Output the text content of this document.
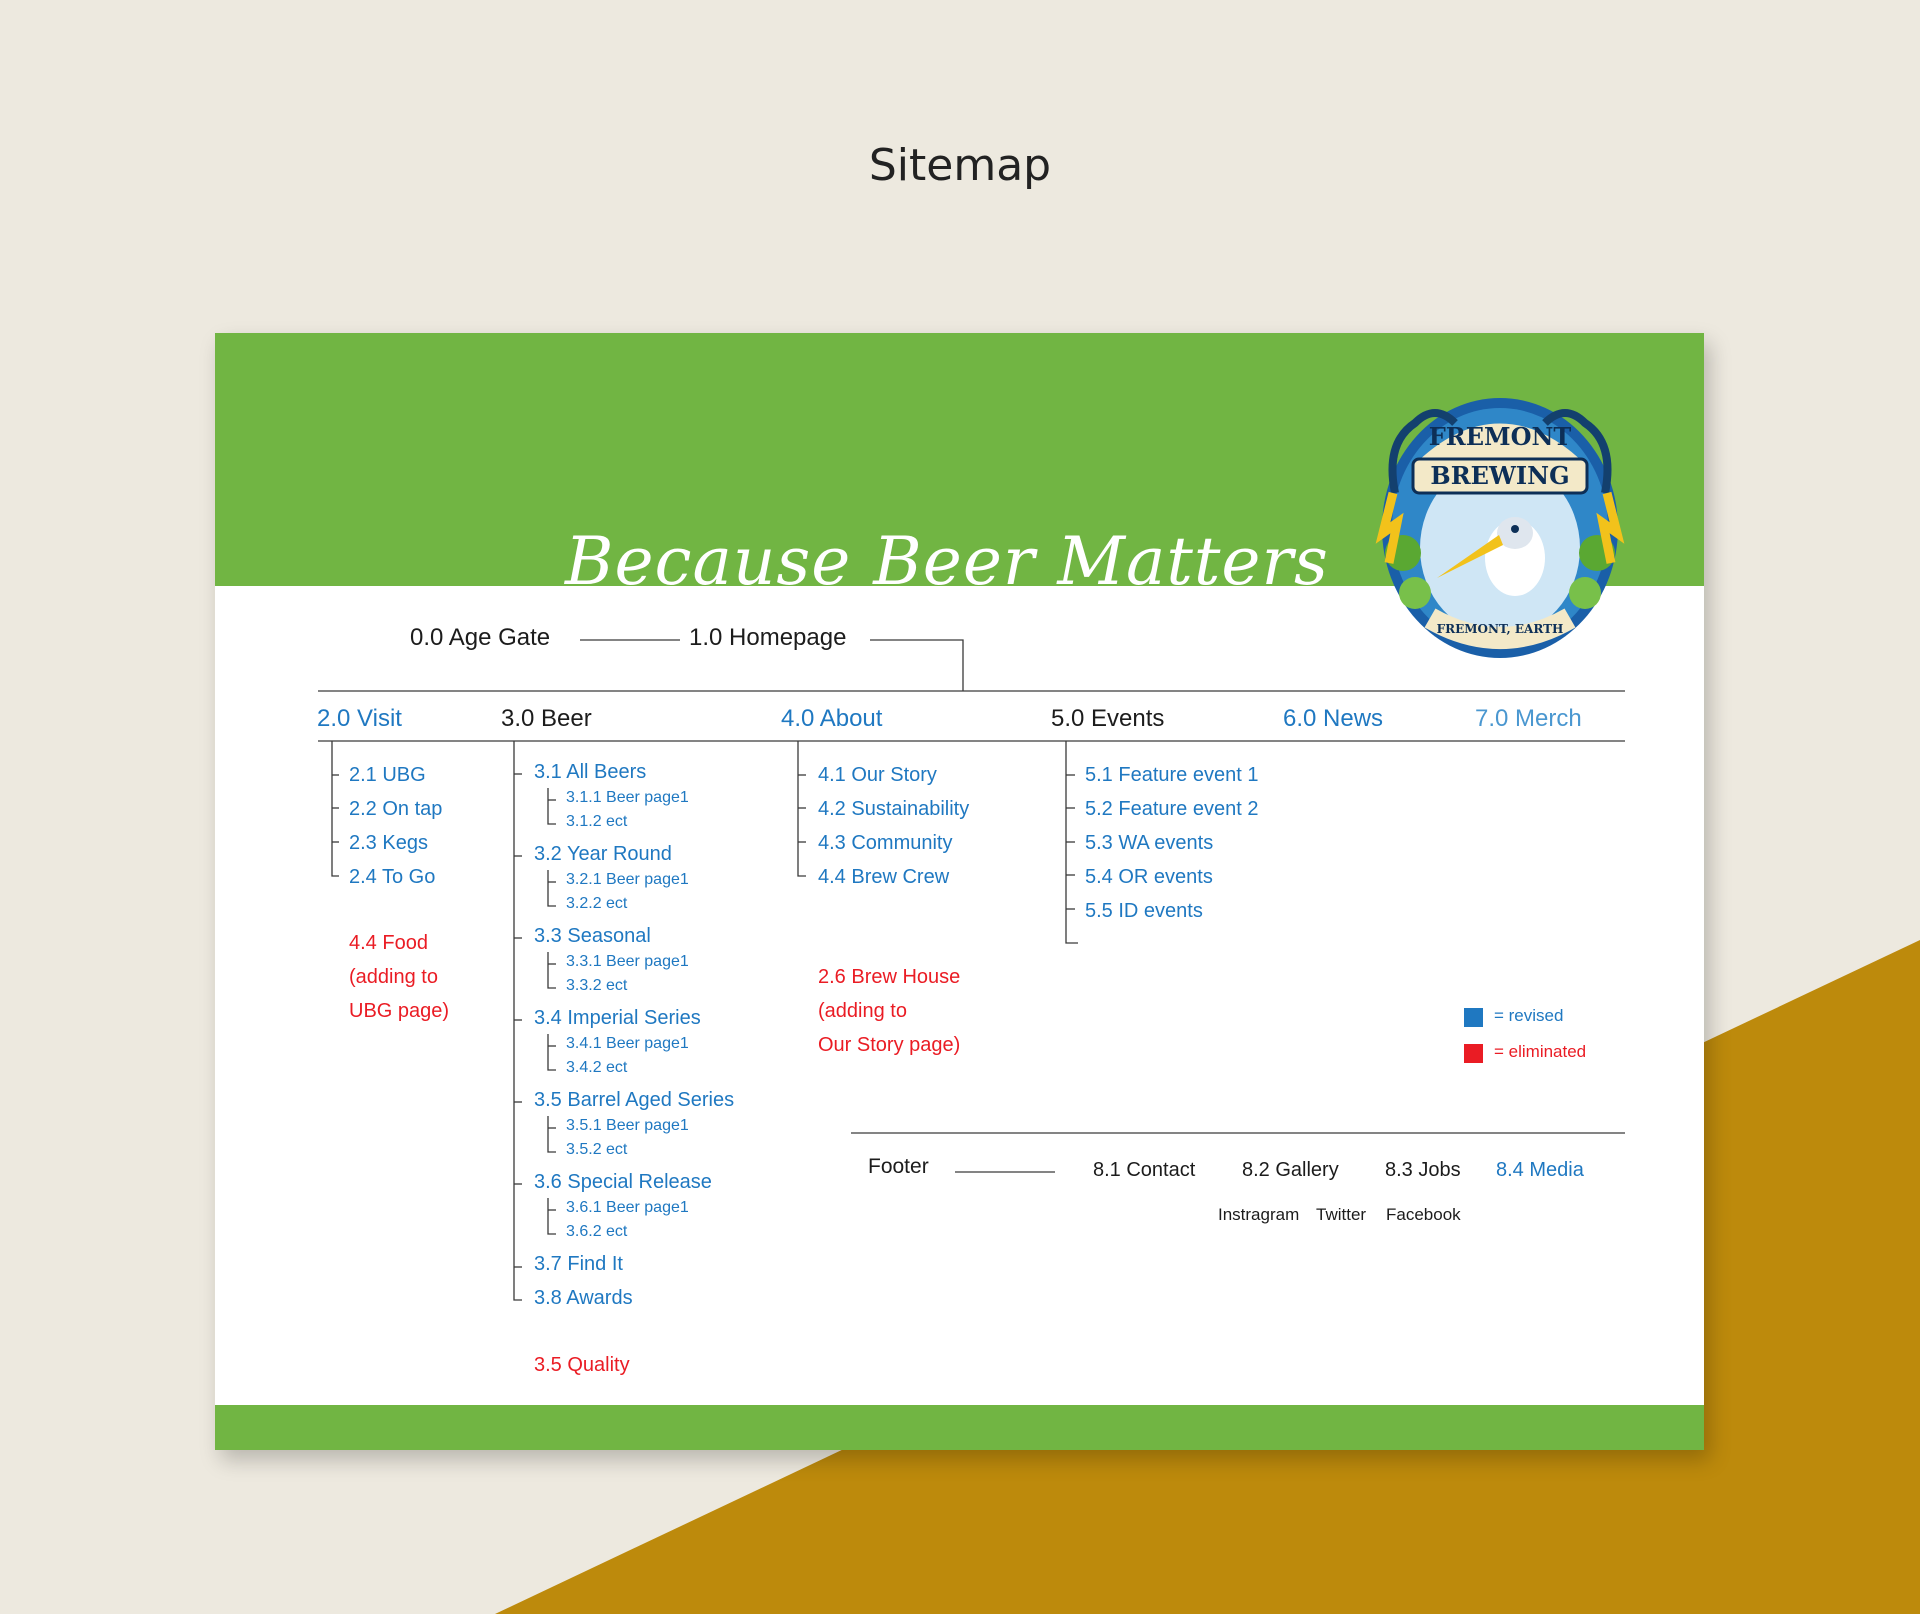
Sitemap
Because Beer Matters
FREMONT
BREWING
FREMONT, EARTH
0.0 Age Gate	1.0 Homepage
2.0 Visit	3.0 Beer	4.0 About	5.0 Events	6.0 News	7.0 Merch
2.1 UBG
2.2 On tap
2.3 Kegs
2.4 To Go
4.4 Food
(adding to
UBG page)
3.1 All Beers
3.1.1 Beer page1
3.1.2 ect
3.2 Year Round
3.2.1 Beer page1
3.2.2 ect
3.3 Seasonal
3.3.1 Beer page1
3.3.2 ect
3.4 Imperial Series
3.4.1 Beer page1
3.4.2 ect
3.5 Barrel Aged Series
3.5.1 Beer page1
3.5.2 ect
3.6 Special Release
3.6.1 Beer page1
3.6.2 ect
3.7 Find It
3.8 Awards
3.5 Quality
4.1 Our Story
4.2 Sustainability
4.3 Community
4.4 Brew Crew
2.6 Brew House
(adding to
Our Story page)
5.1 Feature event 1
5.2 Feature event 2
5.3 WA events
5.4 OR events
5.5 ID events
= revised
= eliminated
Footer	8.1 Contact 8.2 Gallery 8.3 Jobs 8.4 Media
Instragram Twitter Facebook
